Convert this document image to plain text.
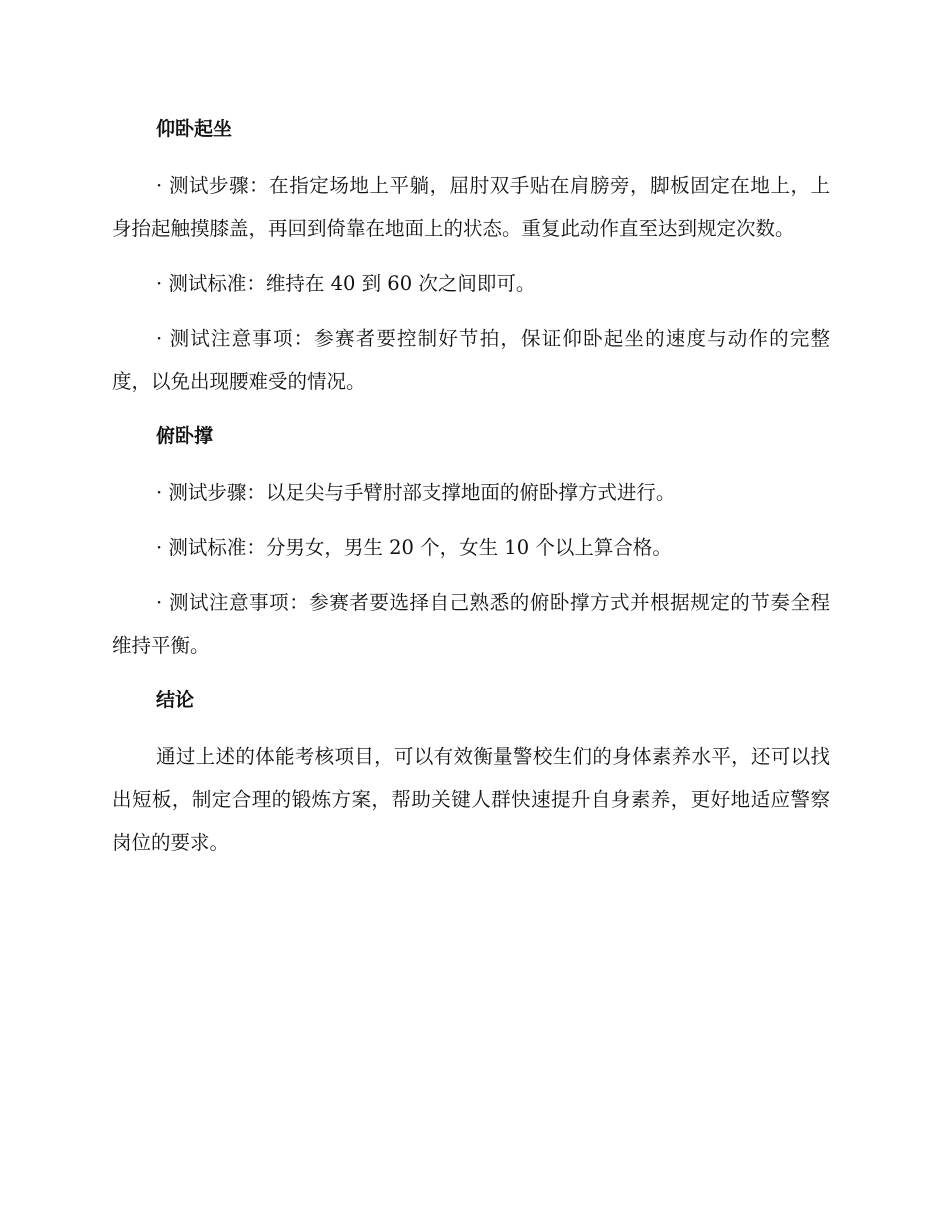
仰卧起坐
· 测试步骤：在指定场地上平躺，屈肘双手贴在肩膀旁，脚板固定在地上，上身抬起触摸膝盖，再回到倚靠在地面上的状态。重复此动作直至达到规定次数。
· 测试标准：维持在 40 到 60 次之间即可。
· 测试注意事项：参赛者要控制好节拍，保证仰卧起坐的速度与动作的完整度，以免出现腰难受的情况。
俯卧撑
· 测试步骤：以足尖与手臂肘部支撑地面的俯卧撑方式进行。
· 测试标准：分男女，男生 20 个，女生 10 个以上算合格。
· 测试注意事项：参赛者要选择自己熟悉的俯卧撑方式并根据规定的节奏全程维持平衡。
结论
通过上述的体能考核项目，可以有效衡量警校生们的身体素养水平，还可以找出短板，制定合理的锻炼方案，帮助关键人群快速提升自身素养，更好地适应警察岗位的要求。
